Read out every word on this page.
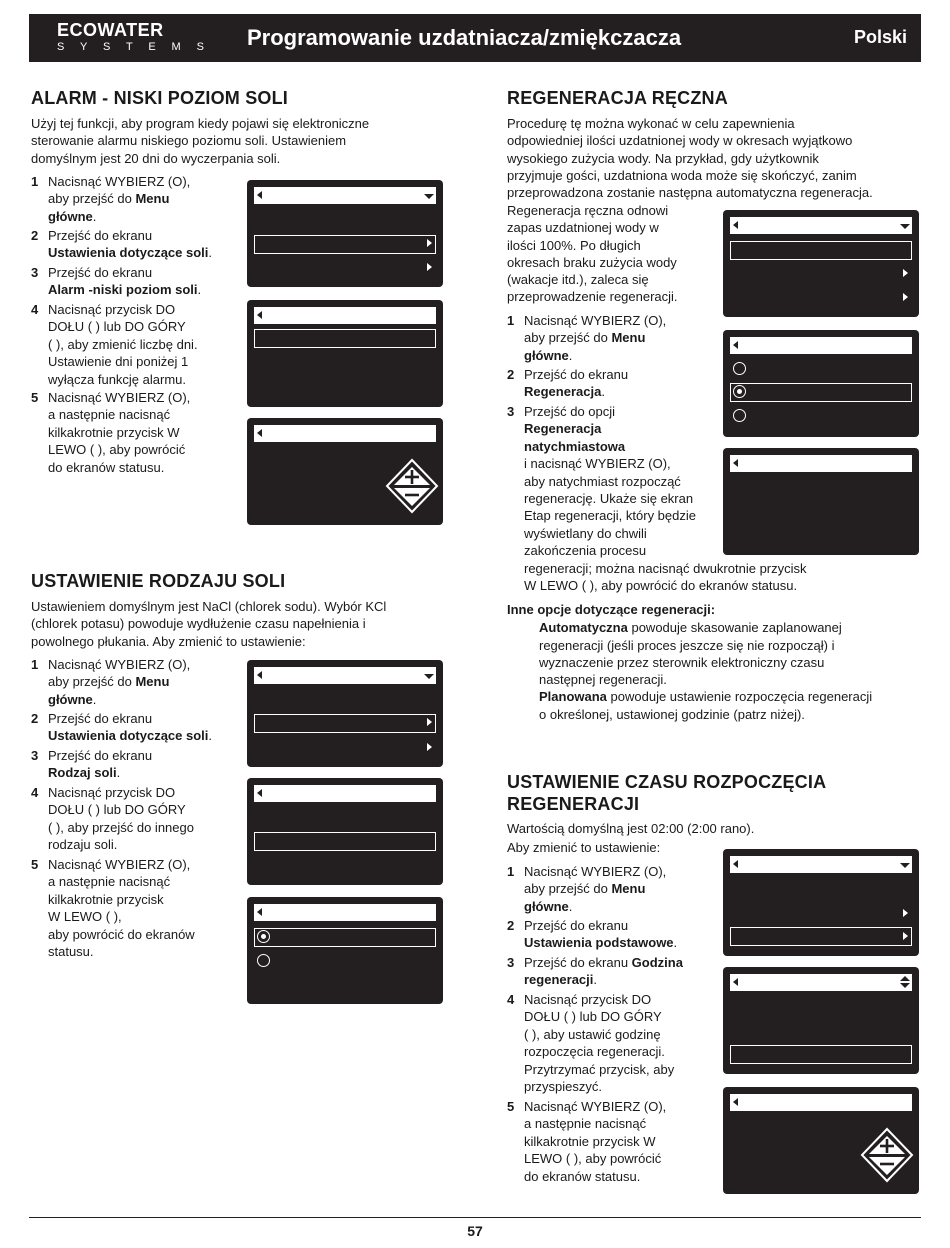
ECOWATER
S Y S T E M S Programowanie uzdatniacza/zmiękczacza	Polski
ALARM - NISKI POZIOM SOLI
Użyj tej funkcji, aby program kiedy pojawi się elektroniczne
sterowanie alarmu niskiego poziomu soli. Ustawieniem
domyślnym jest 20 dni do wyczerpania soli.
1 Nacisnąć WYBIERZ (O),
aby przejść do Menu
główne.
2 Przejść do ekranu
Ustawienia dotyczące soli.
3 Przejść do ekranu
Alarm -niski poziom soli.
4 Nacisnąć przycisk DO
DOŁU ( ) lub DO GÓRY
( ), aby zmienić liczbę dni.
Ustawienie dni poniżej 1
wyłącza funkcję alarmu.
5 Nacisnąć WYBIERZ (O),
a następnie nacisnąć
kilkakrotnie przycisk W
LEWO ( ), aby powrócić
do ekranów statusu.
USTAWIENIE RODZAJU SOLI
Ustawieniem domyślnym jest NaCl (chlorek sodu). Wybór KCl
(chlorek potasu) powoduje wydłużenie czasu napełnienia i
powolnego płukania. Aby zmienić to ustawienie:
1 Nacisnąć WYBIERZ (O),
aby przejść do Menu
główne.
2 Przejść do ekranu
Ustawienia dotyczące soli.
3 Przejść do ekranu
Rodzaj soli.
4 Nacisnąć przycisk DO
DOŁU ( ) lub DO GÓRY
( ), aby przejść do innego
rodzaju soli.
5 Nacisnąć WYBIERZ (O),
a następnie nacisnąć
kilkakrotnie przycisk
W LEWO ( ),
aby powrócić do ekranów
statusu.
REGENERACJA RĘCZNA
Procedurę tę można wykonać w celu zapewnienia
odpowiedniej ilości uzdatnionej wody w okresach wyjątkowo
wysokiego zużycia wody. Na przykład, gdy użytkownik
przyjmuje gości, uzdatniona woda może się skończyć, zanim
przeprowadzona zostanie następna automatyczna regeneracja.
Regeneracja ręczna odnowi
zapas uzdatnionej wody w
ilości 100%. Po długich
okresach braku zużycia wody
(wakacje itd.), zaleca się
przeprowadzenie regeneracji.
1 Nacisnąć WYBIERZ (O),
aby przejść do Menu
główne.
2 Przejść do ekranu
Regeneracja.
3 Przejść do opcji
Regeneracja
natychmiastowa
i nacisnąć WYBIERZ (O),
aby natychmiast rozpocząć
regenerację. Ukaże się ekran
Etap regeneracji, który będzie
wyświetlany do chwili
zakończenia procesu
regeneracji; można nacisnąć dwukrotnie przycisk
W LEWO ( ), aby powrócić do ekranów statusu.
Inne opcje dotyczące regeneracji:
Automatyczna powoduje skasowanie zaplanowanej
regeneracji (jeśli proces jeszcze się nie rozpoczął) i
wyznaczenie przez sterownik elektroniczny czasu
następnej regeneracji.
Planowana powoduje ustawienie rozpoczęcia regeneracji
o określonej, ustawionej godzinie (patrz niżej).
USTAWIENIE CZASU ROZPOCZĘCIA
REGENERACJI
Wartością domyślną jest 02:00 (2:00 rano).
Aby zmienić to ustawienie:
1 Nacisnąć WYBIERZ (O),
aby przejść do Menu
główne.
2 Przejść do ekranu
Ustawienia podstawowe.
3 Przejść do ekranu Godzina
regeneracji.
4 Nacisnąć przycisk DO
DOŁU ( ) lub DO GÓRY
( ), aby ustawić godzinę
rozpoczęcia regeneracji.
Przytrzymać przycisk, aby
przyspieszyć.
5 Nacisnąć WYBIERZ (O),
a następnie nacisnąć
kilkakrotnie przycisk W
LEWO ( ), aby powrócić
do ekranów statusu.
57
